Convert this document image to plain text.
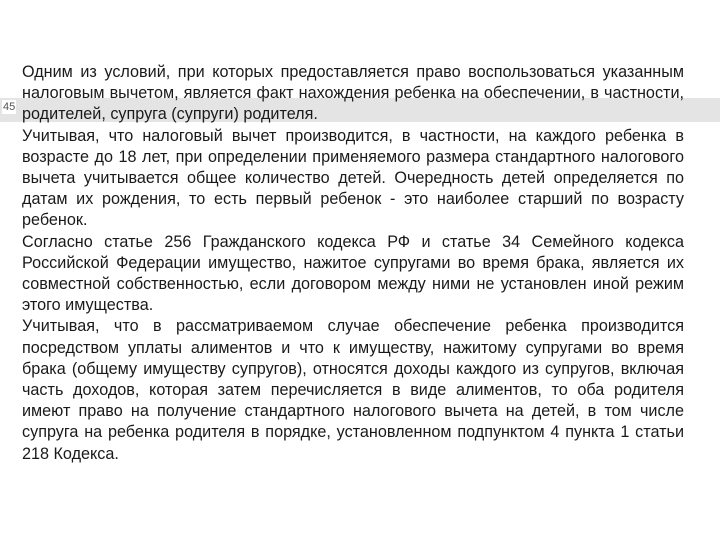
45

Одним из условий, при которых предоставляется право воспользоваться указанным налоговым вычетом, является факт нахождения ребенка на обеспечении, в частности, родителей, супруга (супруги) родителя.

Учитывая, что налоговый вычет производится, в частности, на каждого ребенка в возрасте до 18 лет, при определении применяемого размера стандартного налогового вычета учитывается общее количество детей. Очередность детей определяется по датам их рождения, то есть первый ребенок - это наиболее старший по возрасту ребенок.

Согласно статье 256 Гражданского кодекса РФ и статье 34 Семейного кодекса Российской Федерации имущество, нажитое супругами во время брака, является их совместной собственностью, если договором между ними не установлен иной режим этого имущества.

Учитывая, что в рассматриваемом случае обеспечение ребенка производится посредством уплаты алиментов и что к имуществу, нажитому супругами во время брака (общему имуществу супругов), относятся доходы каждого из супругов, включая часть доходов, которая затем перечисляется в виде алиментов, то оба родителя имеют право на получение стандартного налогового вычета на детей, в том числе супруга на ребенка родителя в порядке, установленном подпунктом 4 пункта 1 статьи 218 Кодекса.
